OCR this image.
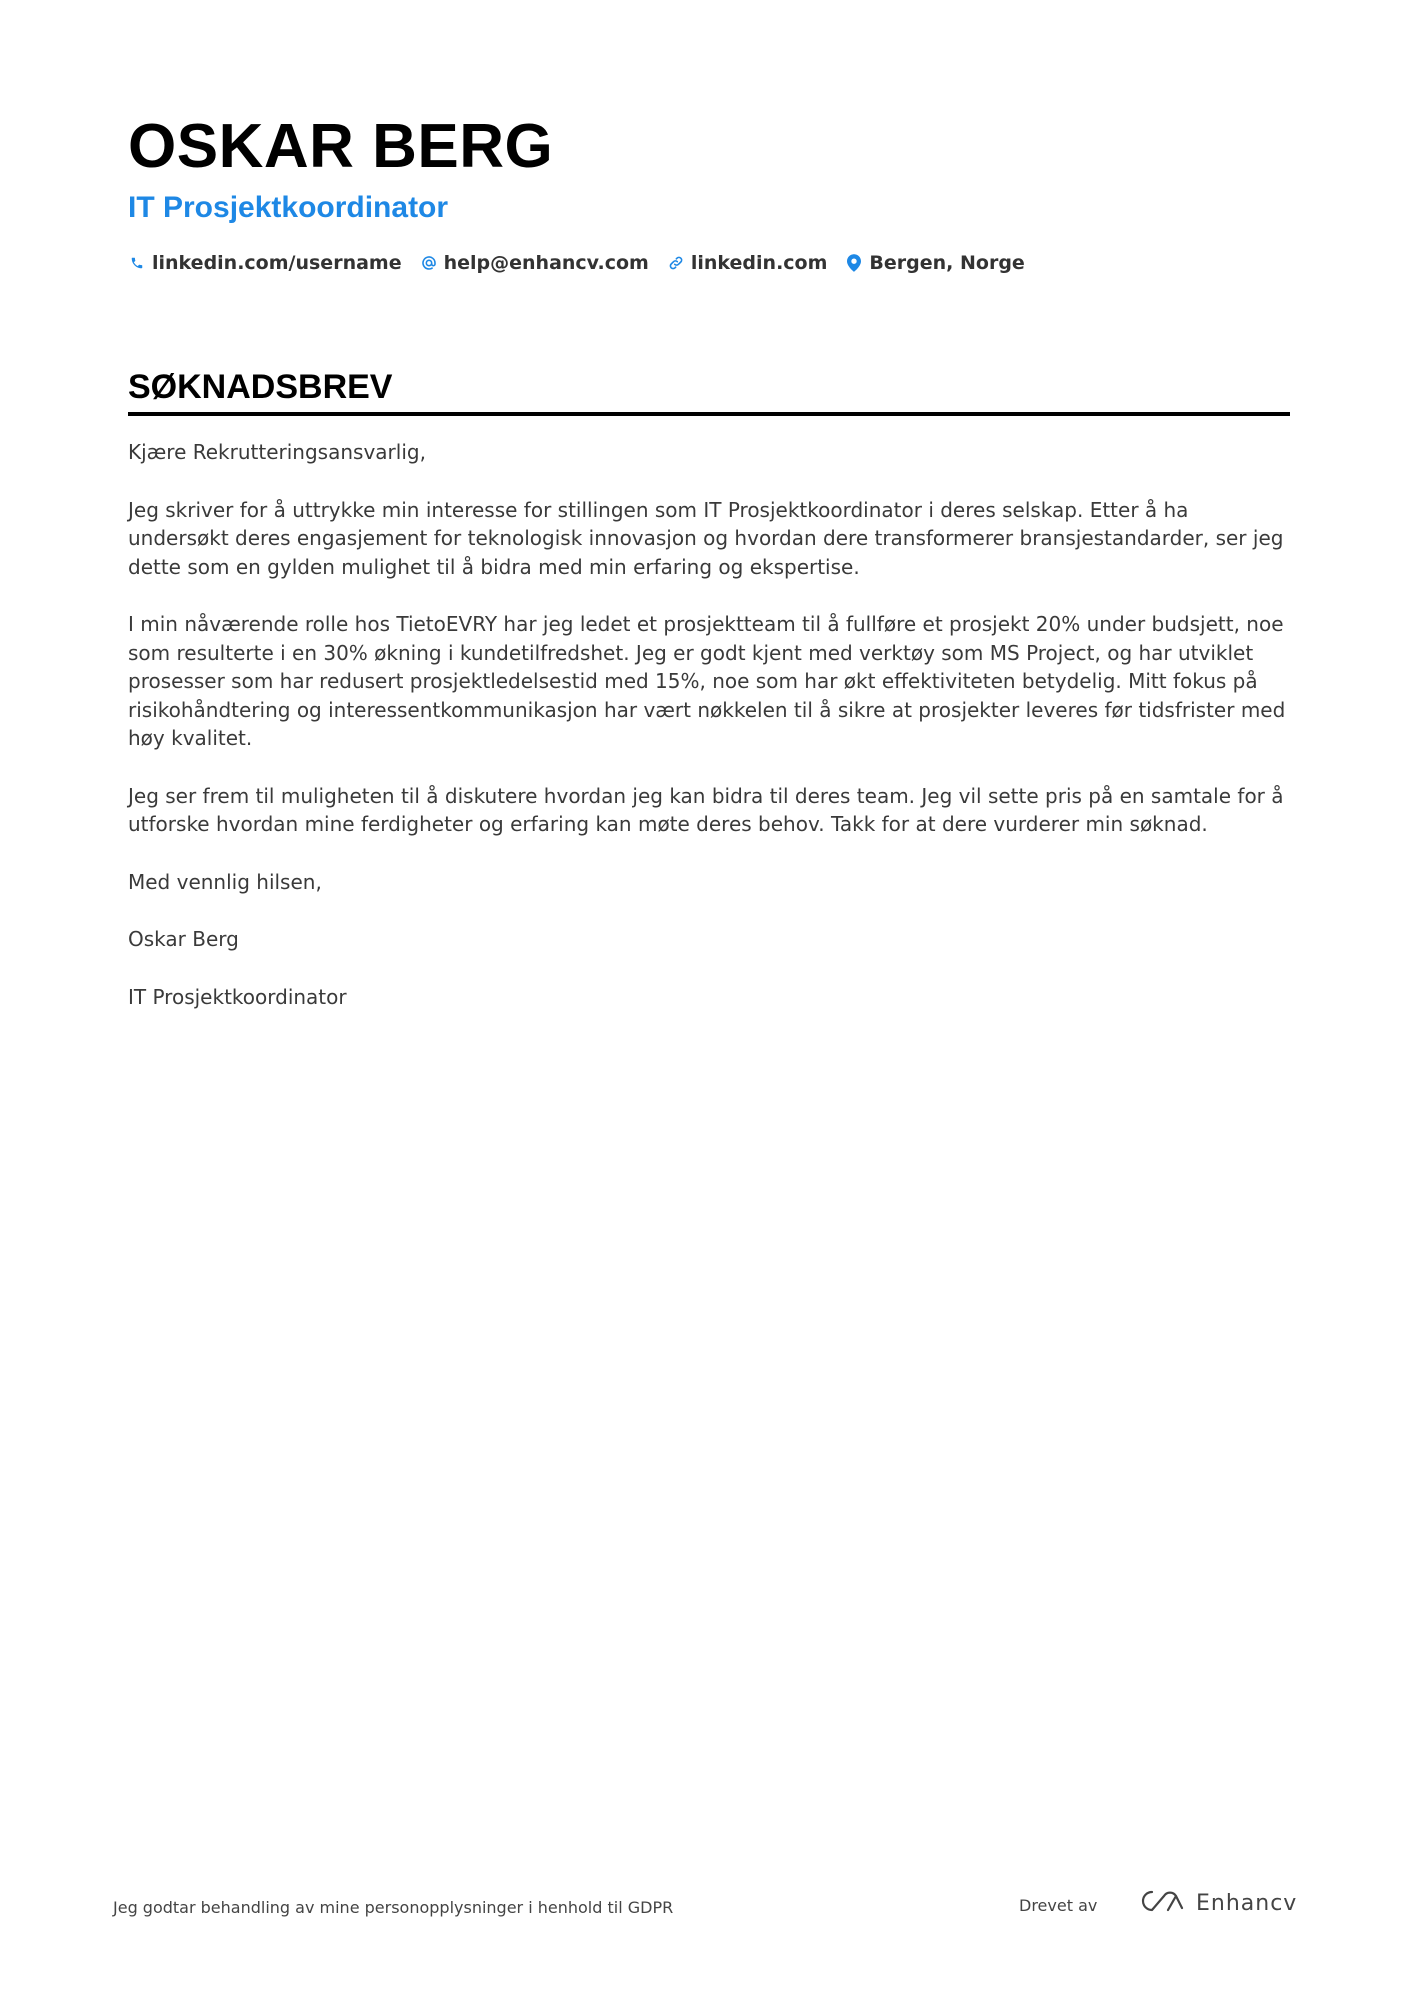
OSKAR BERG
IT Prosjektkoordinator
linkedin.com/username help@enhancv.com linkedin.com Bergen, Norge
SØKNADSBREV

Kjære Rekrutteringsansvarlig,

Jeg skriver for å uttrykke min interesse for stillingen som IT Prosjektkoordinator i deres selskap. Etter å ha undersøkt deres engasjement for teknologisk innovasjon og hvordan dere transformerer bransjestandarder, ser jeg dette som en gylden mulighet til å bidra med min erfaring og ekspertise.

I min nåværende rolle hos TietoEVRY har jeg ledet et prosjektteam til å fullføre et prosjekt 20% under budsjett, noe som resulterte i en 30% økning i kundetilfredshet. Jeg er godt kjent med verktøy som MS Project, og har utviklet prosesser som har redusert prosjektledelsestid med 15%, noe som har økt effektiviteten betydelig. Mitt fokus på risikohåndtering og interessentkommunikasjon har vært nøkkelen til å sikre at prosjekter leveres før tidsfrister med høy kvalitet.

Jeg ser frem til muligheten til å diskutere hvordan jeg kan bidra til deres team. Jeg vil sette pris på en samtale for å utforske hvordan mine ferdigheter og erfaring kan møte deres behov. Takk for at dere vurderer min søknad.

Med vennlig hilsen,

Oskar Berg

IT Prosjektkoordinator

Jeg godtar behandling av mine personopplysninger i henhold til GDPR	Drevet av	Enhancv
